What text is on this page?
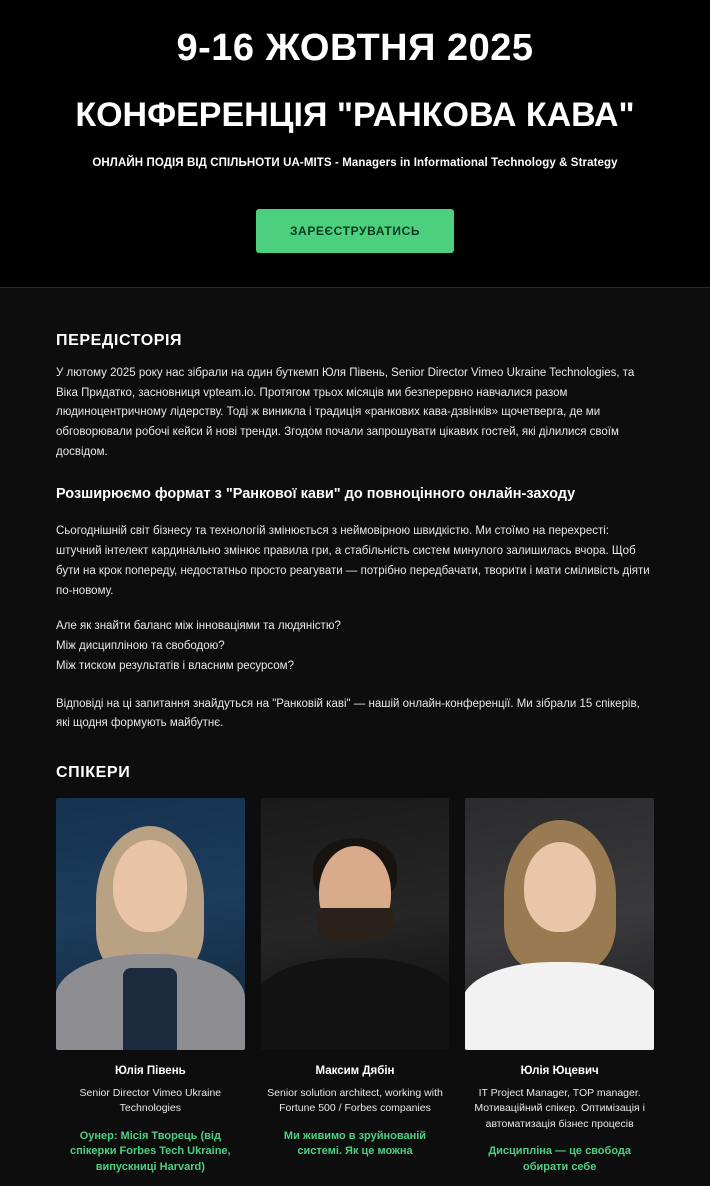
9-16 ЖОВТНЯ 2025
КОНФЕРЕНЦІЯ "РАНКОВА КАВА"
ОНЛАЙН ПОДІЯ ВІД СПІЛЬНОТИ UA-MITS - Managers in Informational Technology & Strategy
ЗАРЕЄСТРУВАТИСЬ
ПЕРЕДІСТОРІЯ

У лютому 2025 року нас зібрали на один буткемп Юля Півень, Senior Director Vimeo Ukraine Technologies, та Віка Придатко, засновниця vpteam.io. Протягом трьох місяців ми безперервно навчалися разом людиноцентричному лідерству. Тоді ж виникла і традиція «ранкових кава-дзвінків» щочетверга, де ми обговорювали робочі кейси й нові тренди. Згодом почали запрошувати цікавих гостей, які ділилися своїм досвідом.

Розширюємо формат з "Ранкової кави" до повноцінного онлайн-заходу

Сьогоднішній світ бізнесу та технологій змінюється з неймовірною швидкістю. Ми стоїмо на перехресті: штучний інтелект кардинально змінює правила гри, а стабільність систем минулого залишилась вчора. Щоб бути на крок попереду, недостатньо просто реагувати — потрібно передбачати, творити і мати сміливість діяти по-новому.

Але як знайти баланс між інноваціями та людяністю?
Між дисципліною та свободою?
Між тиском результатів і власним ресурсом?

Відповіді на ці запитання знайдуться на "Ранковій каві" — нашій онлайн-конференції. Ми зібрали 15 спікерів, які щодня формують майбутнє.

СПІКЕРИ
Юлія Півень
Senior Director Vimeo Ukraine Technologies
Оунер: Місія Творець (від спікерки Forbes Tech Ukraine, випускниці Harvard)
Максим Дябін
Senior solution architect, working with Fortune 500 / Forbes companies
Ми живимо в зруйнованій системі. Як це можна
Юлія Юцевич
IT Project Manager, TOP manager. Мотиваційний спікер. Оптимізація і автоматизація бізнес процесів
Дисципліна — це свобода обирати себе
